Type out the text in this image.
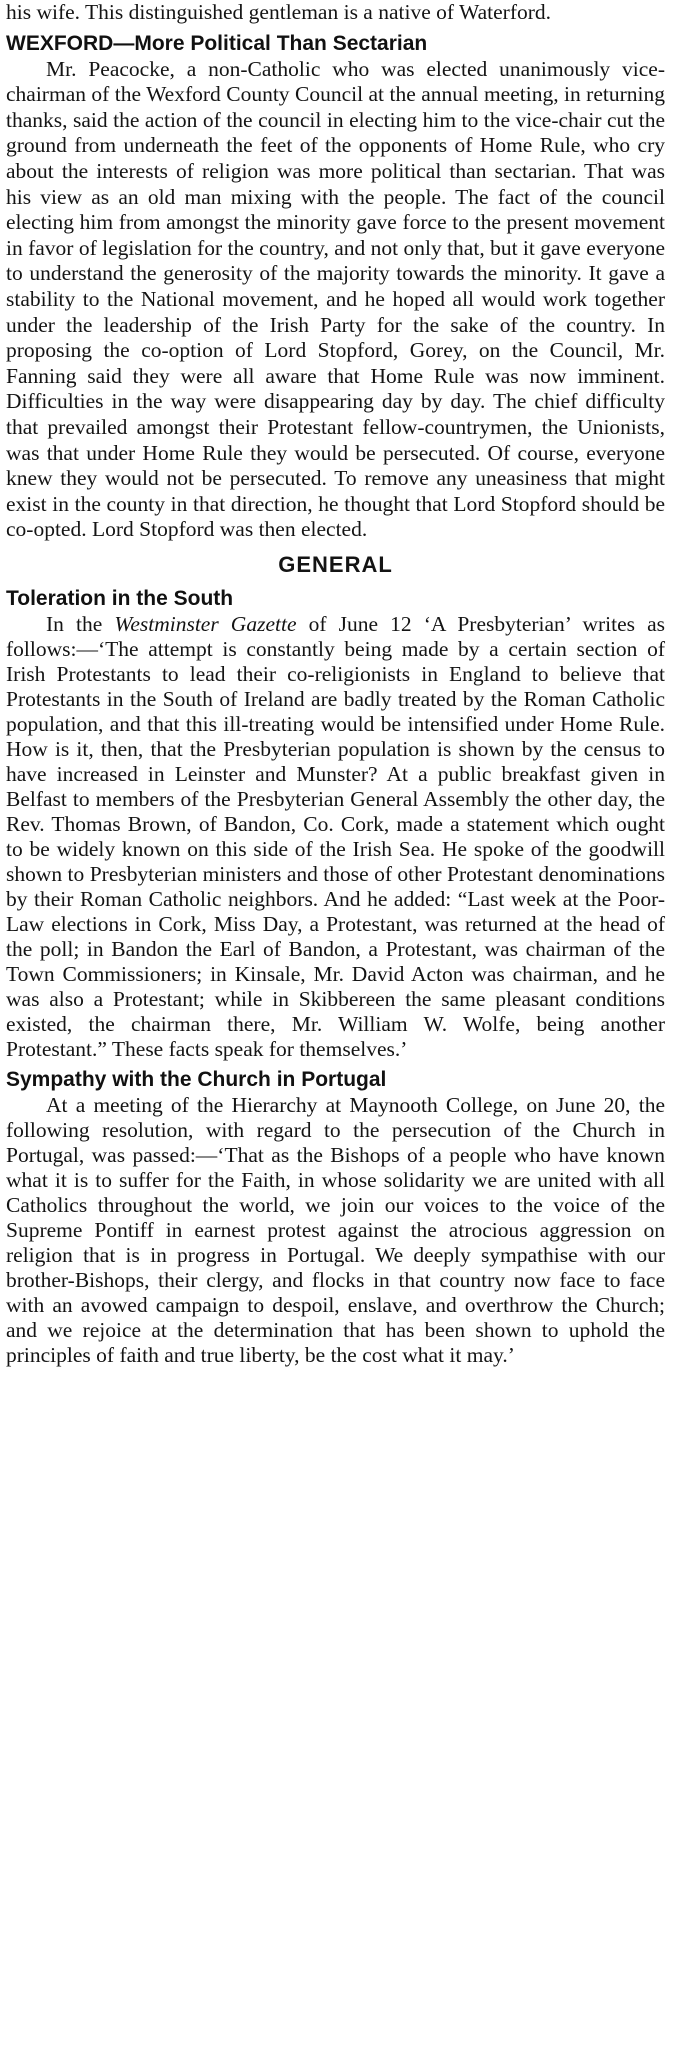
his wife. This distinguished gentleman is a native of Waterford.

WEXFORD—More Political Than Sectarian

Mr. Peacocke, a non-Catholic who was elected unanimously vice-chairman of the Wexford County Council at the annual meeting, in returning thanks, said the action of the council in electing him to the vice-chair cut the ground from underneath the feet of the opponents of Home Rule, who cry about the interests of religion was more political than sectarian. That was his view as an old man mixing with the people. The fact of the council electing him from amongst the minority gave force to the present movement in favor of legislation for the country, and not only that, but it gave everyone to understand the generosity of the majority towards the minority. It gave a stability to the National movement, and he hoped all would work together under the leadership of the Irish Party for the sake of the country. In proposing the co-option of Lord Stopford, Gorey, on the Council, Mr. Fanning said they were all aware that Home Rule was now imminent. Difficulties in the way were disappearing day by day. The chief difficulty that prevailed amongst their Protestant fellow-countrymen, the Unionists, was that under Home Rule they would be persecuted. Of course, everyone knew they would not be persecuted. To remove any uneasiness that might exist in the county in that direction, he thought that Lord Stopford should be co-opted. Lord Stopford was then elected.

GENERAL
Toleration in the South

In the Westminster Gazette of June 12 ‘A Presbyterian’ writes as follows:—‘The attempt is constantly being made by a certain section of Irish Protestants to lead their co-religionists in England to believe that Protestants in the South of Ireland are badly treated by the Roman Catholic population, and that this ill-treating would be intensified under Home Rule. How is it, then, that the Presbyterian population is shown by the census to have increased in Leinster and Munster? At a public breakfast given in Belfast to members of the Presbyterian General Assembly the other day, the Rev. Thomas Brown, of Bandon, Co. Cork, made a statement which ought to be widely known on this side of the Irish Sea. He spoke of the goodwill shown to Presbyterian ministers and those of other Protestant denominations by their Roman Catholic neighbors. And he added: “Last week at the Poor-Law elections in Cork, Miss Day, a Protestant, was returned at the head of the poll; in Bandon the Earl of Bandon, a Protestant, was chairman of the Town Commissioners; in Kinsale, Mr. David Acton was chairman, and he was also a Protestant; while in Skibbereen the same pleasant conditions existed, the chairman there, Mr. William W. Wolfe, being another Protestant.” These facts speak for themselves.’

Sympathy with the Church in Portugal

At a meeting of the Hierarchy at Maynooth College, on June 20, the following resolution, with regard to the persecution of the Church in Portugal, was passed:—‘That as the Bishops of a people who have known what it is to suffer for the Faith, in whose solidarity we are united with all Catholics throughout the world, we join our voices to the voice of the Supreme Pontiff in earnest protest against the atrocious aggression on religion that is in progress in Portugal. We deeply sympathise with our brother-Bishops, their clergy, and flocks in that country now face to face with an avowed campaign to despoil, enslave, and overthrow the Church; and we rejoice at the determination that has been shown to uphold the principles of faith and true liberty, be the cost what it may.’
